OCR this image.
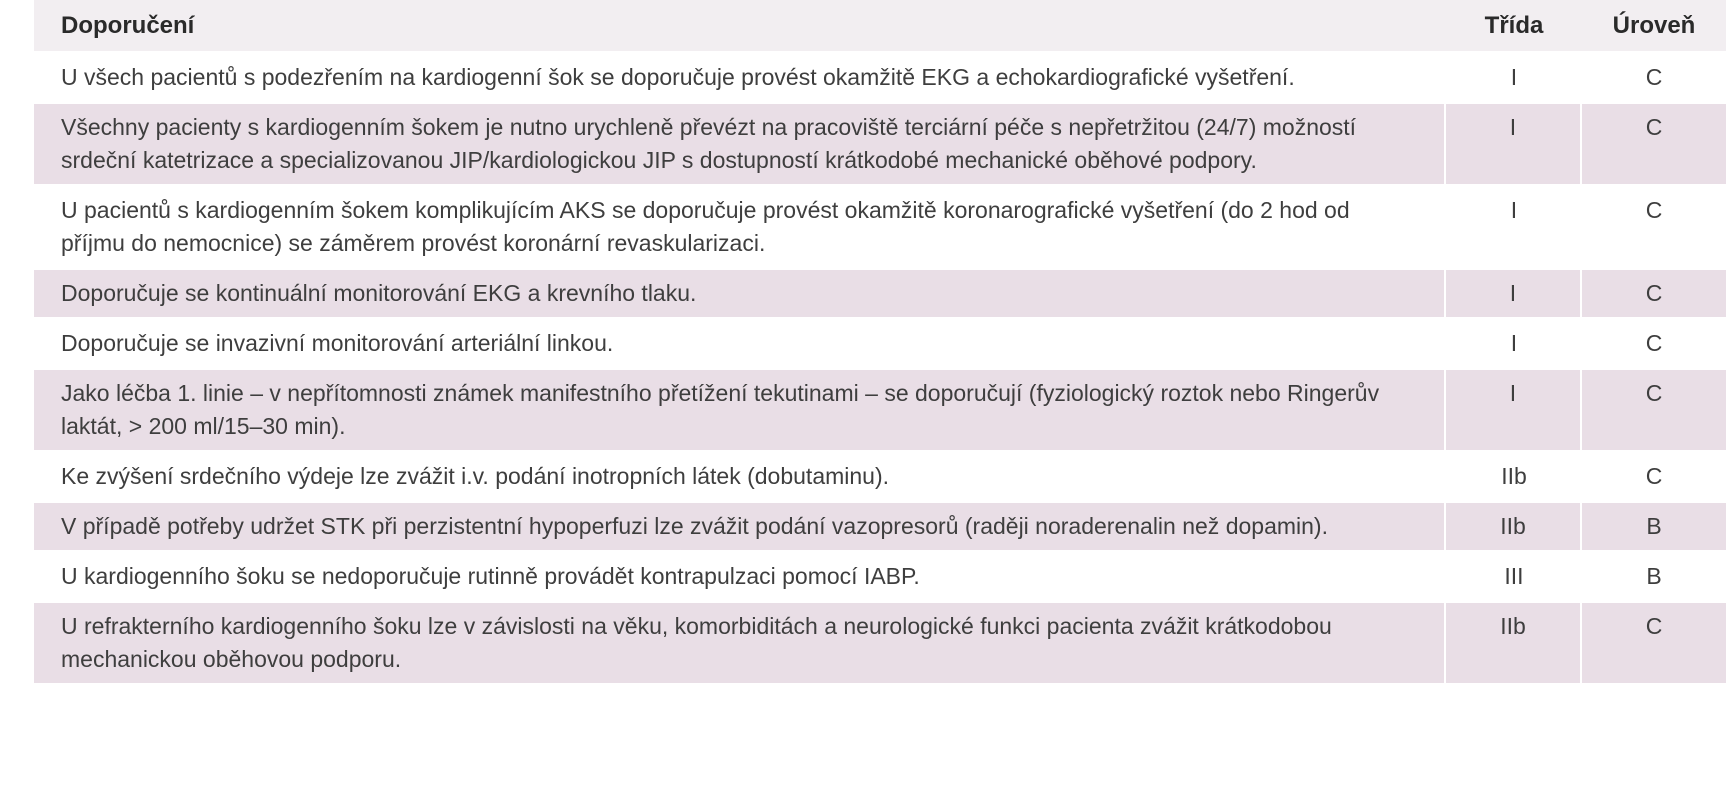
Doporučení	Třída	Úroveň
U všech pacientů s podezřením na kardiogenní šok se doporučuje provést okamžitě EKG a echokardiografické vyšetření.	I	C
Všechny pacienty s kardiogenním šokem je nutno urychleně převézt na pracoviště terciární péče s nepřetržitou (24/7) možností srdeční katetrizace a specializovanou JIP/kardiologickou JIP s dostupností krátkodobé mechanické oběhové podpory.	I	C
U pacientů s kardiogenním šokem komplikujícím AKS se doporučuje provést okamžitě koronarografické vyšetření (do 2 hod od příjmu do nemocnice) se záměrem provést koronární revaskularizaci.	I	C
Doporučuje se kontinuální monitorování EKG a krevního tlaku.	I	C
Doporučuje se invazivní monitorování arteriální linkou.	I	C
Jako léčba 1. linie – v nepřítomnosti známek manifestního přetížení tekutinami – se doporučují (fyziologický roztok nebo Ringerův laktát, > 200 ml/15–30 min).	I	C
Ke zvýšení srdečního výdeje lze zvážit i.v. podání inotropních látek (dobutaminu).	IIb	C
V případě potřeby udržet STK při perzistentní hypoperfuzi lze zvážit podání vazopresorů (raději noraderenalin než dopamin).	IIb	B
U kardiogenního šoku se nedoporučuje rutinně provádět kontrapulzaci pomocí IABP.	III	B
U refrakterního kardiogenního šoku lze v závislosti na věku, komorbiditách a neurologické funkci pacienta zvážit krátkodobou mechanickou oběhovou podporu.	IIb	C
